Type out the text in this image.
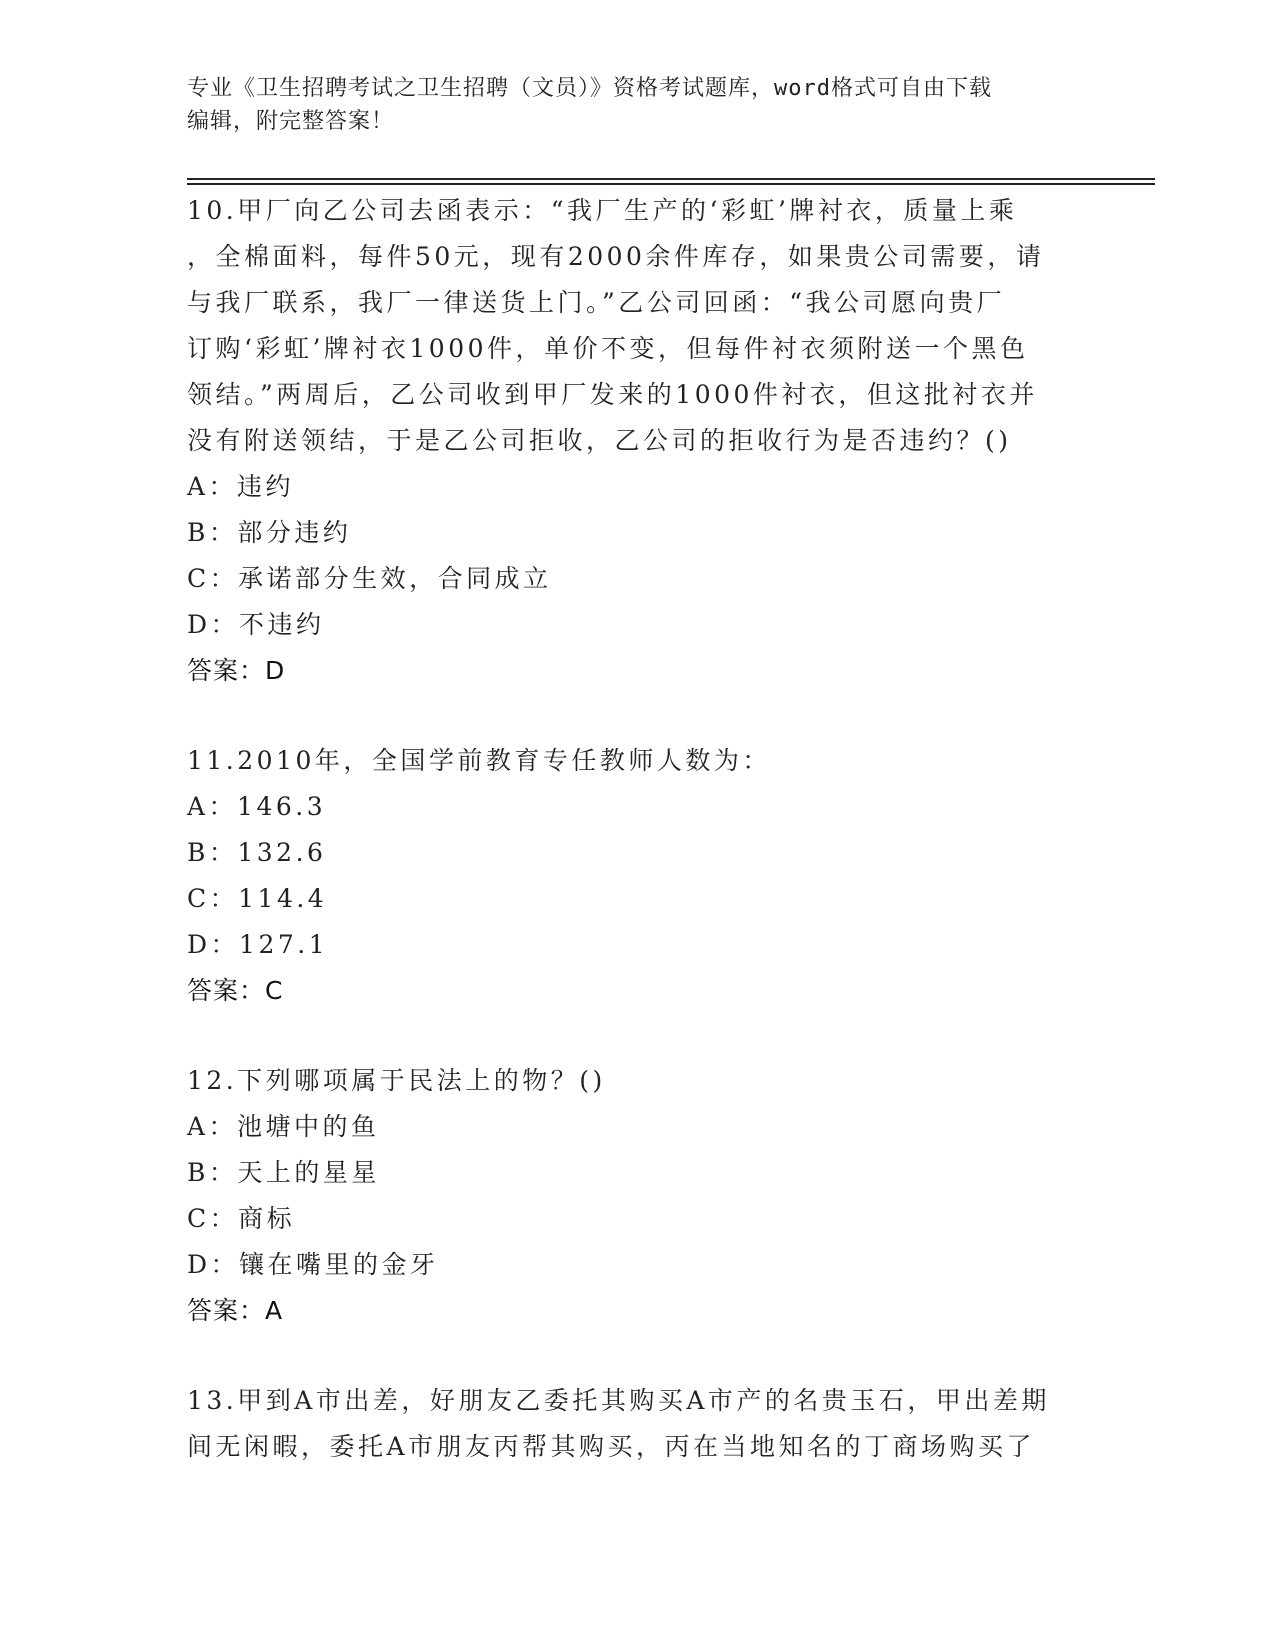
专业《卫生招聘考试之卫生招聘（文员）》资格考试题库，word格式可自由下载
编辑，附完整答案！
10.甲厂向乙公司去函表示：“我厂生产的‘彩虹’牌衬衣，质量上乘
，全棉面料，每件50元，现有2000余件库存，如果贵公司需要，请
与我厂联系，我厂一律送货上门。”乙公司回函：“我公司愿向贵厂
订购‘彩虹’牌衬衣1000件，单价不变，但每件衬衣须附送一个黑色
领结。”两周后，乙公司收到甲厂发来的1000件衬衣，但这批衬衣并
没有附送领结，于是乙公司拒收，乙公司的拒收行为是否违约？()
A：违约
B：部分违约
C：承诺部分生效，合同成立
D：不违约
答案：D
11.2010年，全国学前教育专任教师人数为：
A：146.3
B：132.6
C：114.4
D：127.1
答案：C
12.下列哪项属于民法上的物？()
A：池塘中的鱼
B：天上的星星
C：商标
D：镶在嘴里的金牙
答案：A
13.甲到A市出差，好朋友乙委托其购买A市产的名贵玉石，甲出差期
间无闲暇，委托A市朋友丙帮其购买，丙在当地知名的丁商场购买了
